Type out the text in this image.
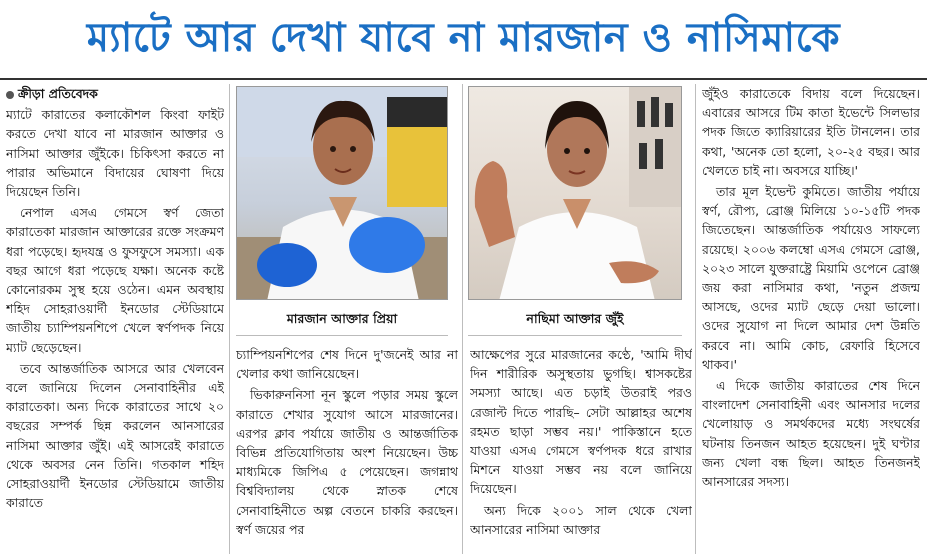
ম্যাটে আর দেখা যাবে না মারজান ও নাসিমাকে
ক্রীড়া প্রতিবেদক

ম্যাটে কারাতের কলাকৌশল কিংবা ফাইট করতে দেখা যাবে না মারজান আক্তার ও নাসিমা আক্তার জুঁইকে। চিকিৎসা করতে না পারার অভিমানে বিদায়ের ঘোষণা দিয়ে দিয়েছেন তিনি।

নেপাল এসএ গেমসে স্বর্ণ জেতা কারাতেকা মারজান আক্তারের রক্তে সংক্রমণ ধরা পড়েছে। হৃদযন্ত্র ও ফুসফুসে সমস্যা। এক বছর আগে ধরা পড়েছে যক্ষা। অনেক কষ্টে কোনোরকম সুস্থ হয়ে ওঠেন। এমন অবস্থায় শহিদ সোহরাওয়ার্দী ইনডোর স্টেডিয়ামে জাতীয় চ্যাম্পিয়নশিপে খেলে স্বর্ণপদক নিয়ে ম্যাট ছেড়েছেন।

তবে আন্তর্জাতিক আসরে আর খেলবেন বলে জানিয়ে দিলেন সেনাবাহিনীর এই কারাতেকা। অন্য দিকে কারাতের সাথে ২০ বছরের সম্পর্ক ছিন্ন করলেন আনসারের নাসিমা আক্তার জুঁই। এই আসরেই কারাতে থেকে অবসর নেন তিনি। গতকাল শহিদ সোহরাওয়ার্দী ইনডোর স্টেডিয়ামে জাতীয় কারাতে

মারজান আক্তার প্রিয়া

চ্যাম্পিয়নশিপের শেষ দিনে দু'জনেই আর না খেলার কথা জানিয়েছেন।

ভিকারুননিসা নূন স্কুলে পড়ার সময় স্কুলে কারাতে শেখার সুযোগ আসে মারজানের। এরপর ক্লাব পর্যায়ে জাতীয় ও আন্তর্জাতিক বিভিন্ন প্রতিযোগিতায় অংশ নিয়েছেন। উচ্চ মাধ্যমিকে জিপিএ ৫ পেয়েছেন। জগন্নাথ বিশ্ববিদ্যালয় থেকে স্নাতক শেষে সেনাবাহিনীতে অল্প বেতনে চাকরি করছেন। স্বর্ণ জয়ের পর

নাছিমা আক্তার জুঁই

আক্ষেপের সুরে মারজানের কণ্ঠে, 'আমি দীর্ঘ দিন শারীরিক অসুস্থতায় ভুগছি। শ্বাসকষ্টের সমস্যা আছে। এত চড়াই উতরাই পরও রেজাল্ট দিতে পারছি– সেটা আল্লাহর অশেষ রহমত ছাড়া সম্ভব নয়।' পাকিস্তানে হতে যাওয়া এসএ গেমসে স্বর্ণপদক ধরে রাখার মিশনে যাওয়া সম্ভব নয় বলে জানিয়ে দিয়েছেন।

অন্য দিকে ২০০১ সাল থেকে খেলা আনসারের নাসিমা আক্তার

জুঁইও কারাতেকে বিদায় বলে দিয়েছেন। এবারের আসরে টিম কাতা ইভেন্টে সিলভার পদক জিতে ক্যারিয়ারের ইতি টানলেন। তার কথা, 'অনেক তো হলো, ২০-২৫ বছর। আর খেলতে চাই না। অবসরে যাচ্ছি।'

তার মূল ইভেন্ট কুমিতে। জাতীয় পর্যায়ে স্বর্ণ, রৌপ্য, ব্রোঞ্জ মিলিয়ে ১০-১৫টি পদক জিতেছেন। আন্তর্জাতিক পর্যায়েও সাফল্যে রয়েছে। ২০০৬ কলম্বো এসএ গেমসে ব্রোঞ্জ, ২০২৩ সালে যুক্তরাষ্ট্রে মিয়ামি ওপেনে ব্রোঞ্জ জয় করা নাসিমার কথা, 'নতুন প্রজন্ম আসছে, ওদের ম্যাট ছেড়ে দেয়া ভালো। ওদের সুযোগ না দিলে আমার দেশ উন্নতি করবে না। আমি কোচ, রেফারি হিসেবে থাকব।'

এ দিকে জাতীয় কারাতের শেষ দিনে বাংলাদেশ সেনাবাহিনী এবং আনসার দলের খেলোয়াড় ও সমর্থকদের মধ্যে সংঘর্ষের ঘটনায় তিনজন আহত হয়েছেন। দুই ঘণ্টার জন্য খেলা বন্ধ ছিল। আহত তিনজনই আনসারের সদস্য।
